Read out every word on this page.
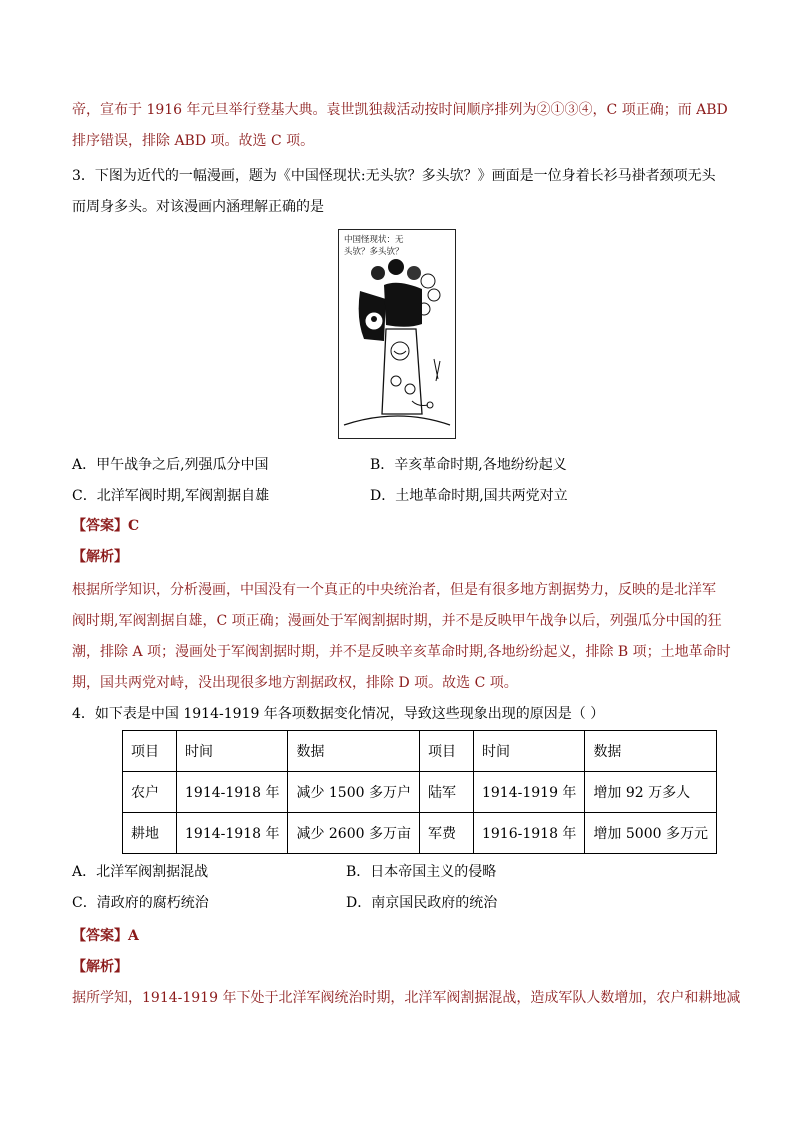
帝，宣布于 1916 年元旦举行登基大典。袁世凯独裁活动按时间顺序排列为②①③④，C 项正确；而 ABD
排序错误，排除 ABD 项。故选 C 项。
3．下图为近代的一幅漫画，题为《中国怪现状:无头欤？多头欤？》画面是一位身着长衫马褂者颈项无头
而周身多头。对该漫画内涵理解正确的是
中国怪现状：无
头欤？多头欤？
A．甲午战争之后,列强瓜分中国	B．辛亥革命时期,各地纷纷起义
C．北洋军阀时期,军阀割据自雄	D．土地革命时期,国共两党对立
【答案】C
【解析】
根据所学知识，分析漫画，中国没有一个真正的中央统治者，但是有很多地方割据势力，反映的是北洋军
阀时期,军阀割据自雄，C 项正确；漫画处于军阀割据时期，并不是反映甲午战争以后，列强瓜分中国的狂
潮，排除 A 项；漫画处于军阀割据时期，并不是反映辛亥革命时期,各地纷纷起义，排除 B 项；土地革命时
期，国共两党对峙，没出现很多地方割据政权，排除 D 项。故选 C 项。
4．如下表是中国 1914-1919 年各项数据变化情况，导致这些现象出现的原因是（ ）
项目	时间	数据	项目	时间	数据
农户	1914-1918 年	减少 1500 多万户	陆军	1914-1919 年	增加 92 万多人
耕地	1914-1918 年	减少 2600 多万亩	军费	1916-1918 年	增加 5000 多万元
A．北洋军阀割据混战	B．日本帝国主义的侵略
C．清政府的腐朽统治	D．南京国民政府的统治
【答案】A
【解析】
据所学知，1914-1919 年下处于北洋军阀统治时期，北洋军阀割据混战，造成军队人数增加，农户和耕地减
